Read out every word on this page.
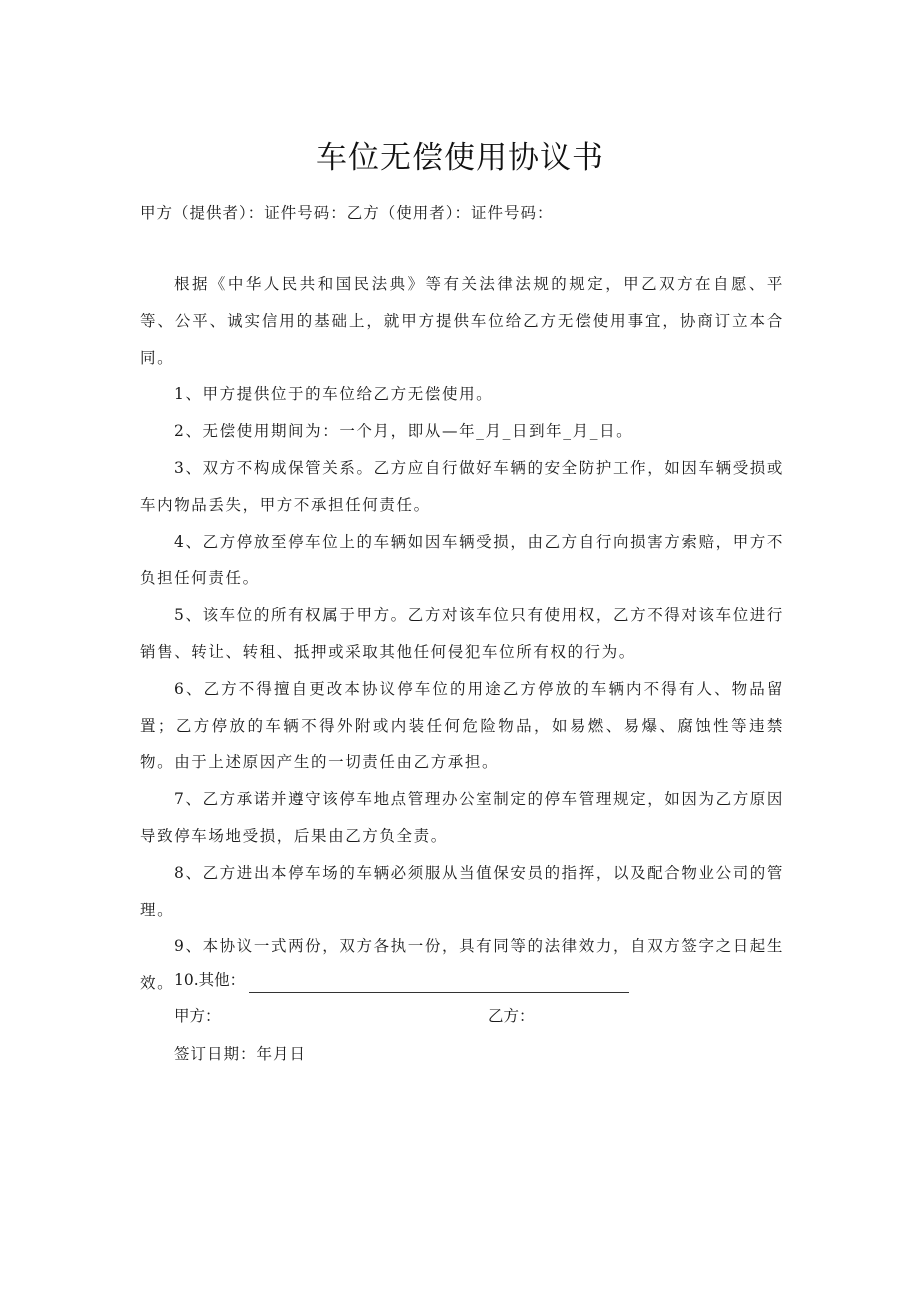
车位无偿使用协议书
甲方（提供者）：证件号码：乙方（使用者）：证件号码：

根据《中华人民共和国民法典》等有关法律法规的规定，甲乙双方在自愿、平等、公平、诚实信用的基础上，就甲方提供车位给乙方无偿使用事宜，协商订立本合同。

1、甲方提供位于的车位给乙方无偿使用。

2、无偿使用期间为：一个月，即从—年_月_日到年_月_日。

3、双方不构成保管关系。乙方应自行做好车辆的安全防护工作，如因车辆受损或车内物品丢失，甲方不承担任何责任。

4、乙方停放至停车位上的车辆如因车辆受损，由乙方自行向损害方索赔，甲方不负担任何责任。

5、该车位的所有权属于甲方。乙方对该车位只有使用权，乙方不得对该车位进行销售、转让、转租、抵押或采取其他任何侵犯车位所有权的行为。

6、乙方不得擅自更改本协议停车位的用途乙方停放的车辆内不得有人、物品留置；乙方停放的车辆不得外附或内装任何危险物品，如易燃、易爆、腐蚀性等违禁物。由于上述原因产生的一切责任由乙方承担。

7、乙方承诺并遵守该停车地点管理办公室制定的停车管理规定，如因为乙方原因导致停车场地受损，后果由乙方负全责。

8、乙方进出本停车场的车辆必须服从当值保安员的指挥，以及配合物业公司的管理。

9、本协议一式两份，双方各执一份，具有同等的法律效力，自双方签字之日起生效。 10.其他：
甲方：	乙方：
签订日期：年月日
